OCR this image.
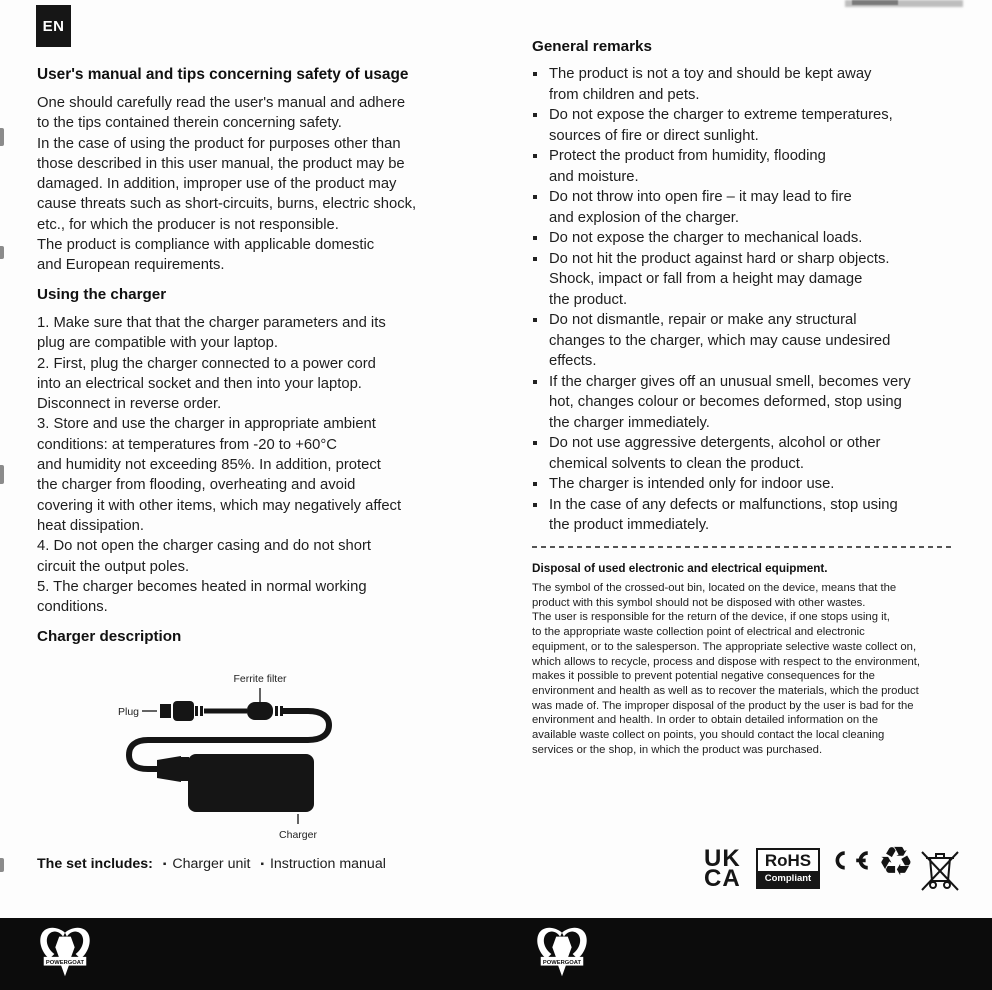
EN
User's manual and tips concerning safety of usage
One should carefully read the user's manual and adhere
to the tips contained therein concerning safety.
In the case of using the product for purposes other than
those described in this user manual, the product may be
damaged. In addition, improper use of the product may
cause threats such as short-circuits, burns, electric shock,
etc., for which the producer is not responsible.
The product is compliance with applicable domestic
and European requirements.
Using the charger
1. Make sure that that the charger parameters and its
plug are compatible with your laptop.
2. First, plug the charger connected to a power cord
into an electrical socket and then into your laptop.
Disconnect in reverse order.
3. Store and use the charger in appropriate ambient
conditions: at temperatures from -20 to +60°C
and humidity not exceeding 85%. In addition, protect
the charger from flooding, overheating and avoid
covering it with other items, which may negatively affect
heat dissipation.
4. Do not open the charger casing and do not short
circuit the output poles.
5. The charger becomes heated in normal working
conditions.
Charger description
Ferrite filter
Plug
Charger
The set includes: ▪ Charger unit ▪ Instruction manual
General remarks
The product is not a toy and should be kept away
from children and pets.
Do not expose the charger to extreme temperatures,
sources of fire or direct sunlight.
Protect the product from humidity, flooding
and moisture.
Do not throw into open fire – it may lead to fire
and explosion of the charger.
Do not expose the charger to mechanical loads.
Do not hit the product against hard or sharp objects.
Shock, impact or fall from a height may damage
the product.
Do not dismantle, repair or make any structural
changes to the charger, which may cause undesired
effects.
If the charger gives off an unusual smell, becomes very
hot, changes colour or becomes deformed, stop using
the charger immediately.
Do not use aggressive detergents, alcohol or other
chemical solvents to clean the product.
The charger is intended only for indoor use.
In the case of any defects or malfunctions, stop using
the product immediately.
Disposal of used electronic and electrical equipment.
The symbol of the crossed-out bin, located on the device, means that the
product with this symbol should not be disposed with other wastes.
The user is responsible for the return of the device, if one stops using it,
to the appropriate waste collection point of electrical and electronic
equipment, or to the salesperson. The appropriate selective waste collect on,
which allows to recycle, process and dispose with respect to the environment,
makes it possible to prevent potential negative consequences for the
environment and health as well as to recover the materials, which the product
was made of. The improper disposal of the product by the user is bad for the
environment and health. In order to obtain detailed information on the
available waste collect on points, you should contact the local cleaning
services or the shop, in which the product was purchased.
UK
CA
RoHS
Compliant ♻
POWERGOAT	POWERGOAT
